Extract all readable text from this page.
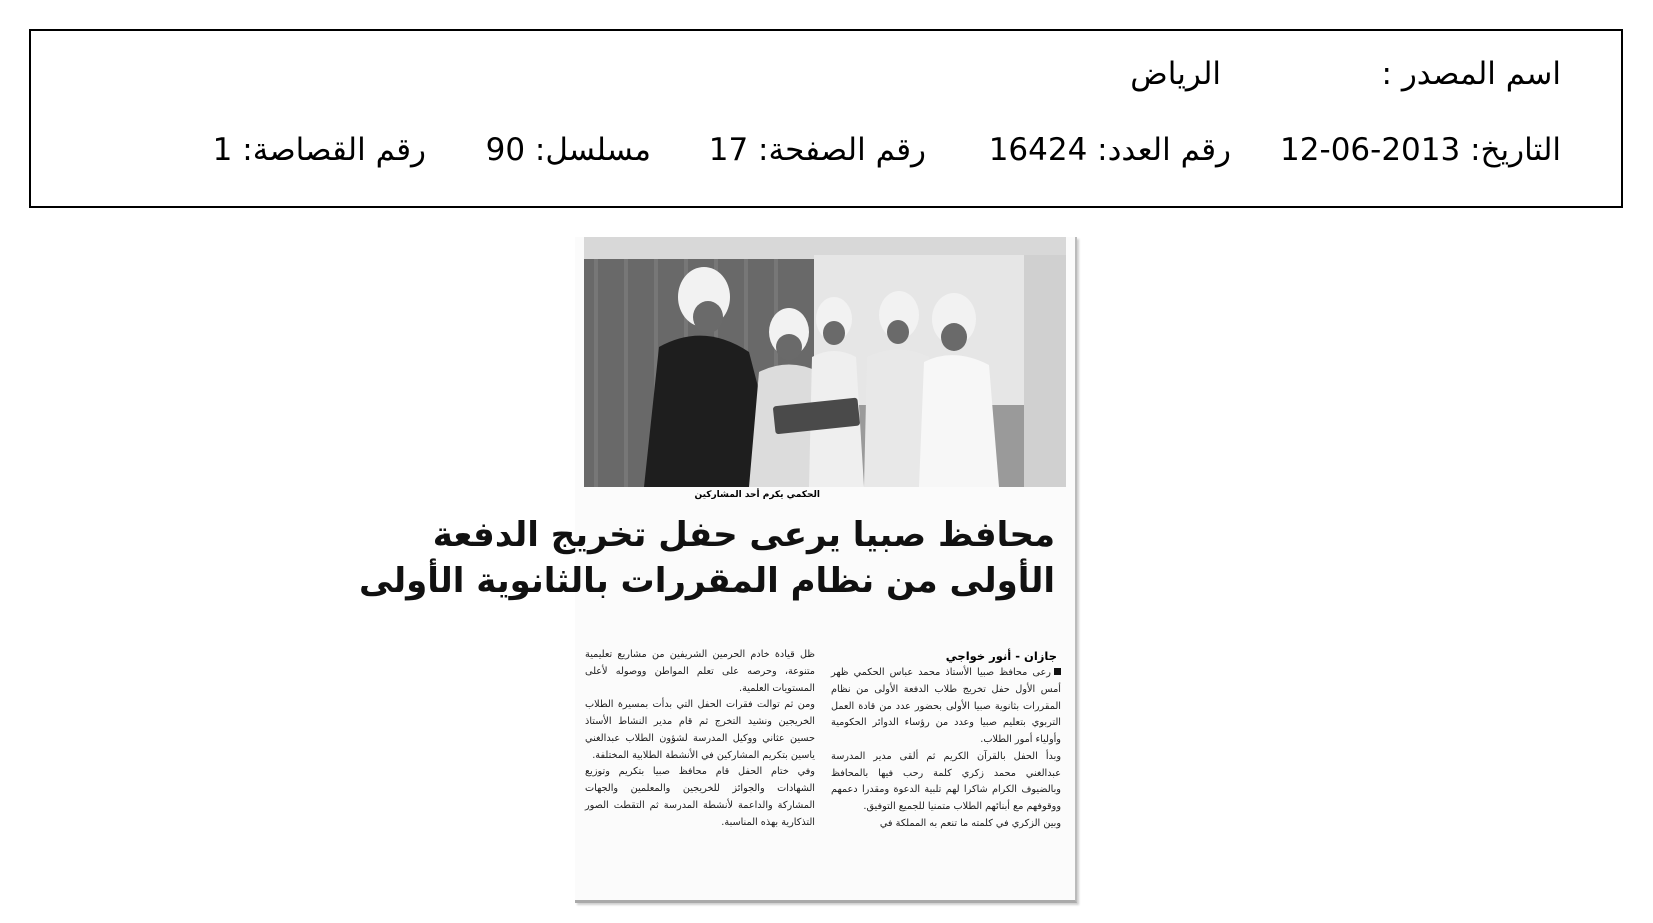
اسم المصدر :
الرياض
التاريخ: 2013-06-12
رقم العدد: 16424
رقم الصفحة: 17
مسلسل: 90
رقم القصاصة: 1
الحكمي يكرم أحد المشاركين
محافظ صبيا يرعى حفل تخريج الدفعة
الأولى من نظام المقررات بالثانوية الأولى
جازان - أنور خواجي

رعى محافظ صبيا الأستاذ محمد عباس الحكمي ظهر أمس الأول حفل تخريج طلاب الدفعة الأولى من نظام المقررات بثانوية صبيا الأولى بحضور عدد من قادة العمل التربوي بتعليم صبيا وعدد من رؤساء الدوائر الحكومية وأولياء أمور الطلاب.

وبدأ الحفل بالقرآن الكريم ثم ألقى مدير المدرسة عبدالغني محمد زكري كلمة رحب فيها بالمحافظ وبالضيوف الكرام شاكرا لهم تلبية الدعوة ومقدرا دعمهم ووقوفهم مع أبنائهم الطلاب متمنيا للجميع التوفيق.

وبين الزكري في كلمته ما تنعم به المملكة في

ظل قيادة خادم الحرمين الشريفين من مشاريع تعليمية متنوعة، وحرصه على تعلم المواطن ووصوله لأعلى المستويات العلمية.

ومن ثم توالت فقرات الحفل التي بدأت بمسيرة الطلاب الخريجين ونشيد التخرج ثم قام مدير النشاط الأستاذ حسين عثاني ووكيل المدرسة لشؤون الطلاب عبدالغني ياسين بتكريم المشاركين في الأنشطة الطلابية المختلفة.

وفي ختام الحفل قام محافظ صبيا بتكريم وتوزيع الشهادات والجوائز للخريجين والمعلمين والجهات المشاركة والداعمة لأنشطة المدرسة ثم التقطت الصور التذكارية بهذه المناسبة.
